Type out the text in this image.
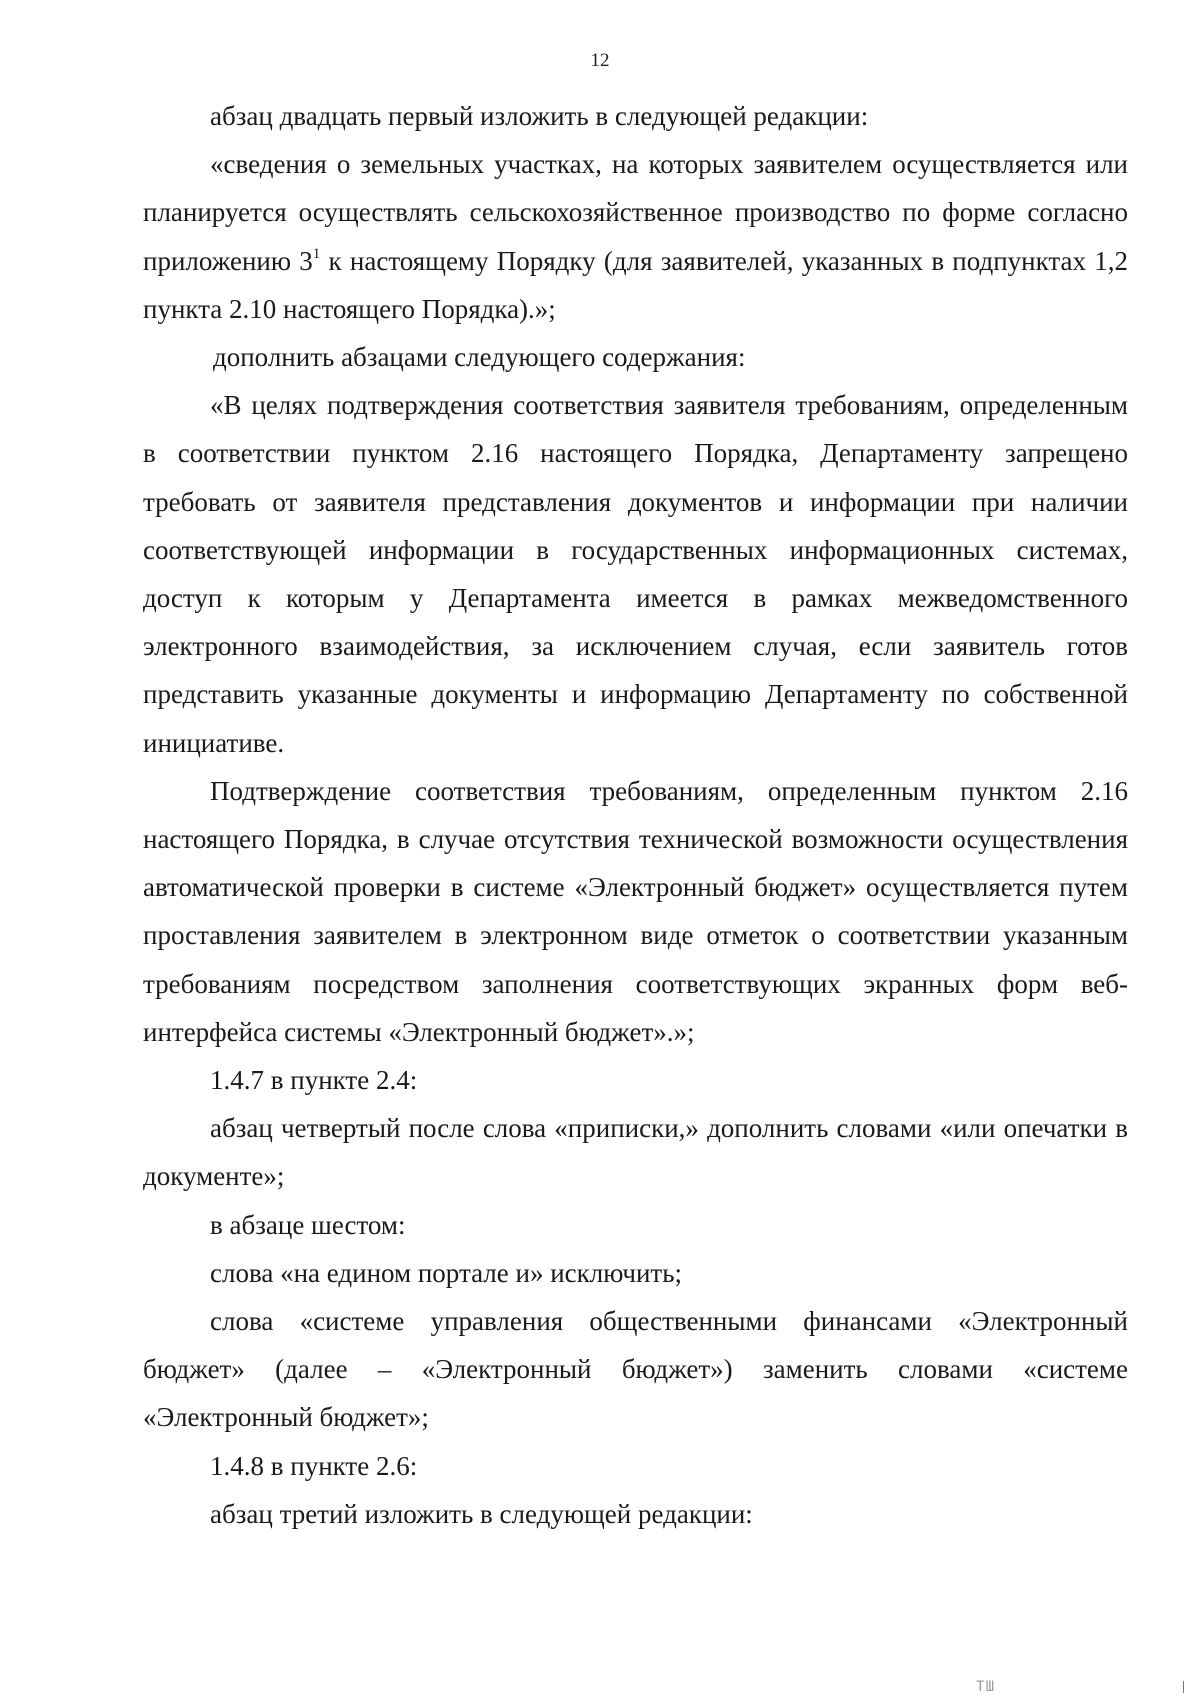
12

абзац двадцать первый изложить в следующей редакции:

«сведения о земельных участках, на которых заявителем осуществляется или планируется осуществлять сельскохозяйственное производство по форме согласно приложению $3^1$ к настоящему Порядку (для заявителей, указанных в подпунктах 1,2 пункта 2.10 настоящего Порядка).»;

дополнить абзацами следующего содержания:

«В целях подтверждения соответствия заявителя требованиям, определенным в соответствии пунктом 2.16 настоящего Порядка, Департаменту запрещено требовать от заявителя представления документов и информации при наличии соответствующей информации в государственных информационных системах, доступ к которым у Департамента имеется в рамках межведомственного электронного взаимодействия, за исключением случая, если заявитель готов представить указанные документы и информацию Департаменту по собственной инициативе.

Подтверждение соответствия требованиям, определенным пунктом 2.16 настоящего Порядка, в случае отсутствия технической возможности осуществления автоматической проверки в системе «Электронный бюджет» осуществляется путем проставления заявителем в электронном виде отметок о соответствии указанным требованиям посредством заполнения соответствующих экранных форм веб-интерфейса системы «Электронный бюджет».»;

1.4.7 в пункте 2.4:

абзац четвертый после слова «приписки,» дополнить словами «или опечатки в документе»;

в абзаце шестом:

слова «на едином портале и» исключить;

слова «системе управления общественными финансами «Электронный бюджет» (далее – «Электронный бюджет») заменить словами «системе «Электронный бюджет»;

1.4.8 в пункте 2.6:

абзац третий изложить в следующей редакции:

ТШ
